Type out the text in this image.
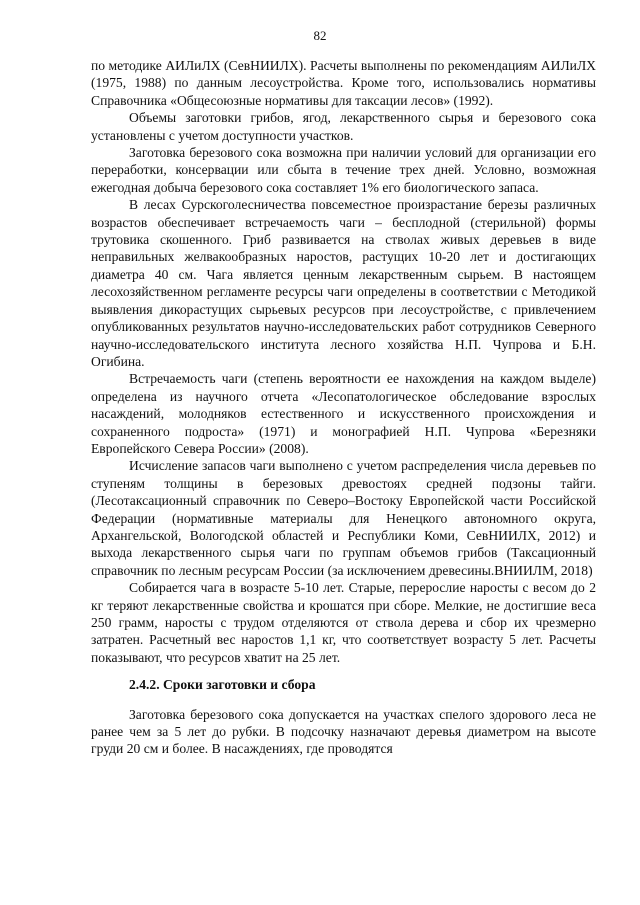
82

по методике АИЛиЛХ (СевНИИЛХ). Расчеты выполнены по рекомендациям АИЛиЛХ (1975, 1988) по данным лесоустройства. Кроме того, использовались нормативы Справочника «Общесоюзные нормативы для таксации лесов» (1992).

Объемы заготовки грибов, ягод, лекарственного сырья и березового сока установлены с учетом доступности участков.

Заготовка березового сока возможна при наличии условий для организации его переработки, консервации или сбыта в течение трех дней. Условно, возможная ежегодная добыча березового сока составляет 1% его биологического запаса.

В лесах Сурскоголесничества повсеместное произрастание березы различных возрастов обеспечивает встречаемость чаги – бесплодной (стерильной) формы трутовика скошенного. Гриб развивается на стволах живых деревьев в виде неправильных желвакообразных наростов, растущих 10-20 лет и достигающих диаметра 40 см. Чага является ценным лекарственным сырьем. В настоящем лесохозяйственном регламенте ресурсы чаги определены в соответствии с Методикой выявления дикорастущих сырьевых ресурсов при лесоустройстве, с привлечением опубликованных результатов научно-исследовательских работ сотрудников Северного научно-исследовательского института лесного хозяйства Н.П. Чупрова и Б.Н. Огибина.

Встречаемость чаги (степень вероятности ее нахождения на каждом выделе) определена из научного отчета «Лесопатологическое обследование взрослых насаждений, молодняков естественного и искусственного происхождения и сохраненного подроста» (1971) и монографией Н.П. Чупрова «Березняки Европейского Севера России» (2008).

Исчисление запасов чаги выполнено с учетом распределения числа деревьев по ступеням толщины в березовых древостоях средней подзоны тайги. (Лесотаксационный справочник по Северо–Востоку Европейской части Российской Федерации (нормативные материалы для Ненецкого автономного округа, Архангельской, Вологодской областей и Республики Коми, СевНИИЛХ, 2012) и выхода лекарственного сырья чаги по группам объемов грибов (Таксационный справочник по лесным ресурсам России (за исключением древесины.ВНИИЛМ, 2018)

Собирается чага в возрасте 5-10 лет. Старые, перерослие наросты с весом до 2 кг теряют лекарственные свойства и крошатся при сборе. Мелкие, не достигшие веса 250 грамм, наросты с трудом отделяются от ствола дерева и сбор их чрезмерно затратен. Расчетный вес наростов 1,1 кг, что соответствует возрасту 5 лет. Расчеты показывают, что ресурсов хватит на 25 лет.

2.4.2. Сроки заготовки и сбора

Заготовка березового сока допускается на участках спелого здорового леса не ранее чем за 5 лет до рубки. В подсочку назначают деревья диаметром на высоте груди 20 см и более. В насаждениях, где проводятся
